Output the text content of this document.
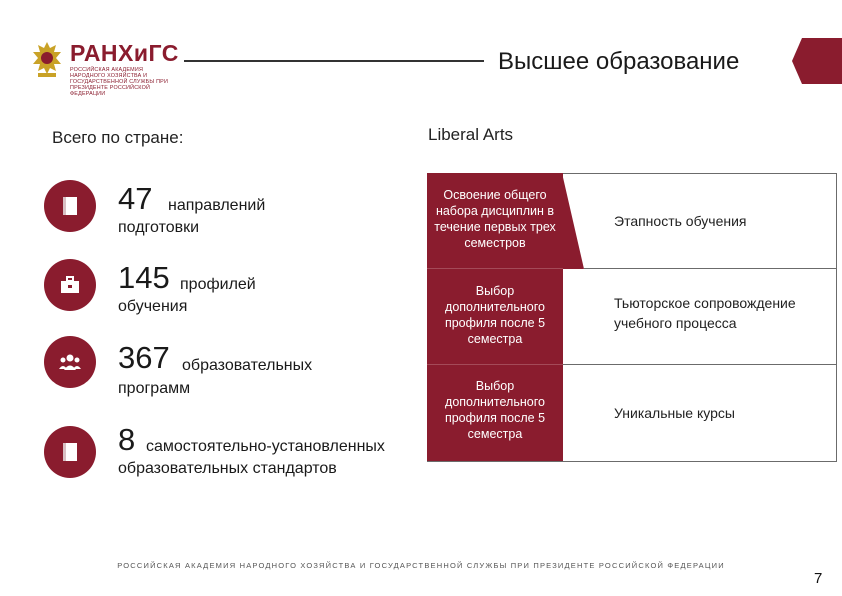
РАНХиГС
РОССИЙСКАЯ АКАДЕМИЯ НАРОДНОГО ХОЗЯЙСТВА И ГОСУДАРСТВЕННОЙ СЛУЖБЫ ПРИ ПРЕЗИДЕНТЕ РОССИЙСКОЙ ФЕДЕРАЦИИ
Высшее образование
Всего по стране:
47 направлений
подготовки
145 профилей
обучения
367 образовательных
программ
8 самостоятельно-установленных
образовательных стандартов
Liberal Arts
Освоение общего набора дисциплин в течение первых трех семестров
Этапность обучения
Выбор дополнительного профиля после 5 семестра
Тьюторское сопровождение учебного процесса
Выбор дополнительного профиля после 5 семестра
Уникальные курсы
РОССИЙСКАЯ АКАДЕМИЯ НАРОДНОГО ХОЗЯЙСТВА И ГОСУДАРСТВЕННОЙ СЛУЖБЫ ПРИ ПРЕЗИДЕНТЕ РОССИЙСКОЙ ФЕДЕРАЦИИ
7
